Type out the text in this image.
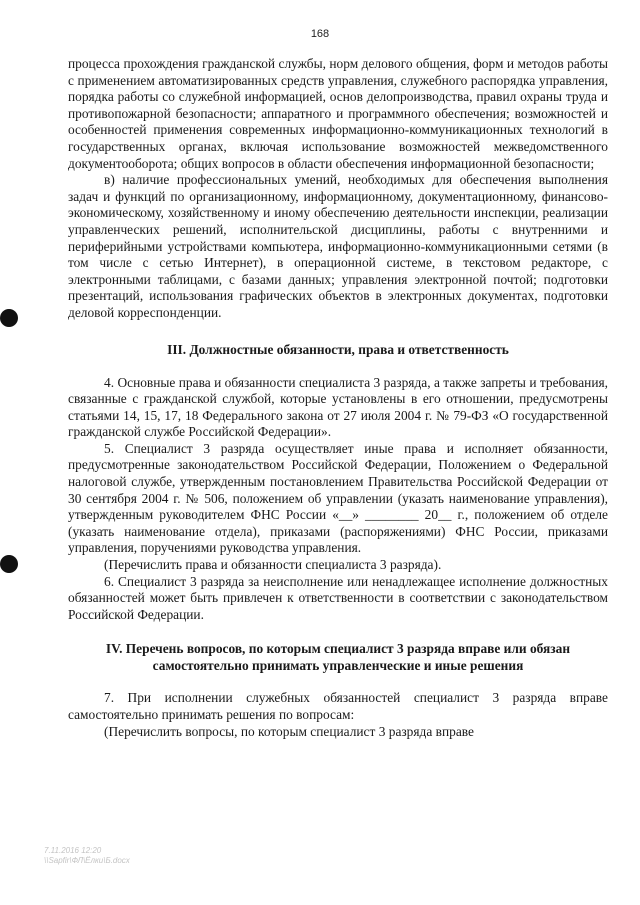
168

процесса прохождения гражданской службы, норм делового общения, форм и методов работы с применением автоматизированных средств управления, служебного распорядка управления, порядка работы со служебной информацией, основ делопроизводства, правил охраны труда и противопожарной безопасности; аппаратного и программного обеспечения; возможностей и особенностей применения современных информационно-коммуникационных технологий в государственных органах, включая использование возможностей межведомственного документооборота; общих вопросов в области обеспечения информационной безопасности;

в) наличие профессиональных умений, необходимых для обеспечения выполнения задач и функций по организационному, информационному, документационному, финансово-экономическому, хозяйственному и иному обеспечению деятельности инспекции, реализации управленческих решений, исполнительской дисциплины, работы с внутренними и периферийными устройствами компьютера, информационно-коммуникационными сетями (в том числе с сетью Интернет), в операционной системе, в текстовом редакторе, с электронными таблицами, с базами данных; управления электронной почтой; подготовки презентаций, использования графических объектов в электронных документах, подготовки деловой корреспонденции.

III. Должностные обязанности, права и ответственность

4. Основные права и обязанности специалиста 3 разряда, а также запреты и требования, связанные с гражданской службой, которые установлены в его отношении, предусмотрены статьями 14, 15, 17, 18 Федерального закона от 27 июля 2004 г. № 79-ФЗ «О государственной гражданской службе Российской Федерации».

5. Специалист 3 разряда осуществляет иные права и исполняет обязанности, предусмотренные законодательством Российской Федерации, Положением о Федеральной налоговой службе, утвержденным постановлением Правительства Российской Федерации от 30 сентября 2004 г. № 506, положением об управлении (указать наименование управления), утвержденным руководителем ФНС России «__» ________ 20__ г., положением об отделе (указать наименование отдела), приказами (распоряжениями) ФНС России, приказами управления, поручениями руководства управления.

(Перечислить права и обязанности специалиста 3 разряда).

6. Специалист 3 разряда за неисполнение или ненадлежащее исполнение должностных обязанностей может быть привлечен к ответственности в соответствии с законодательством Российской Федерации.

IV. Перечень вопросов, по которым специалист 3 разряда вправе или обязан самостоятельно принимать управленческие и иные решения

7. При исполнении служебных обязанностей специалист 3 разряда вправе самостоятельно принимать решения по вопросам:

(Перечислить вопросы, по которым специалист 3 разряда вправе

7.11.2016 12:20
\\Sapfir\ФЛ\Ёлки\Б.docx
